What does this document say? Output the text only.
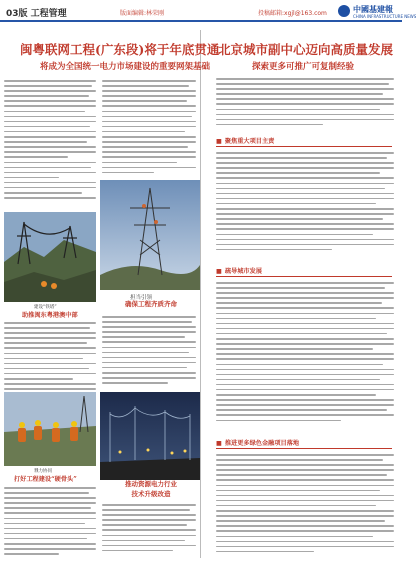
03版 工程管理	版面编辑:林荣刚	投稿邮箱:xgjl@163.com	中國基建報
CHINA INFRASTRUCTURE NEWS
闽粤联网工程(广东段)将于年底贯通
将成为全国统一电力市场建设的重要网架基础
建设“铁塔”
助推闽东粤港澳中部
担当引领
确保工程齐质齐命
戮力协同
打好工程建设“硬骨头”
推动资源电力行业
技术升级改造
北京城市副中心迈向高质量发展
探索更多可推广可复制经验
■ 聚焦重大项目主责
■ 疏导城市发展
■ 推进更多绿色金融项目落地
